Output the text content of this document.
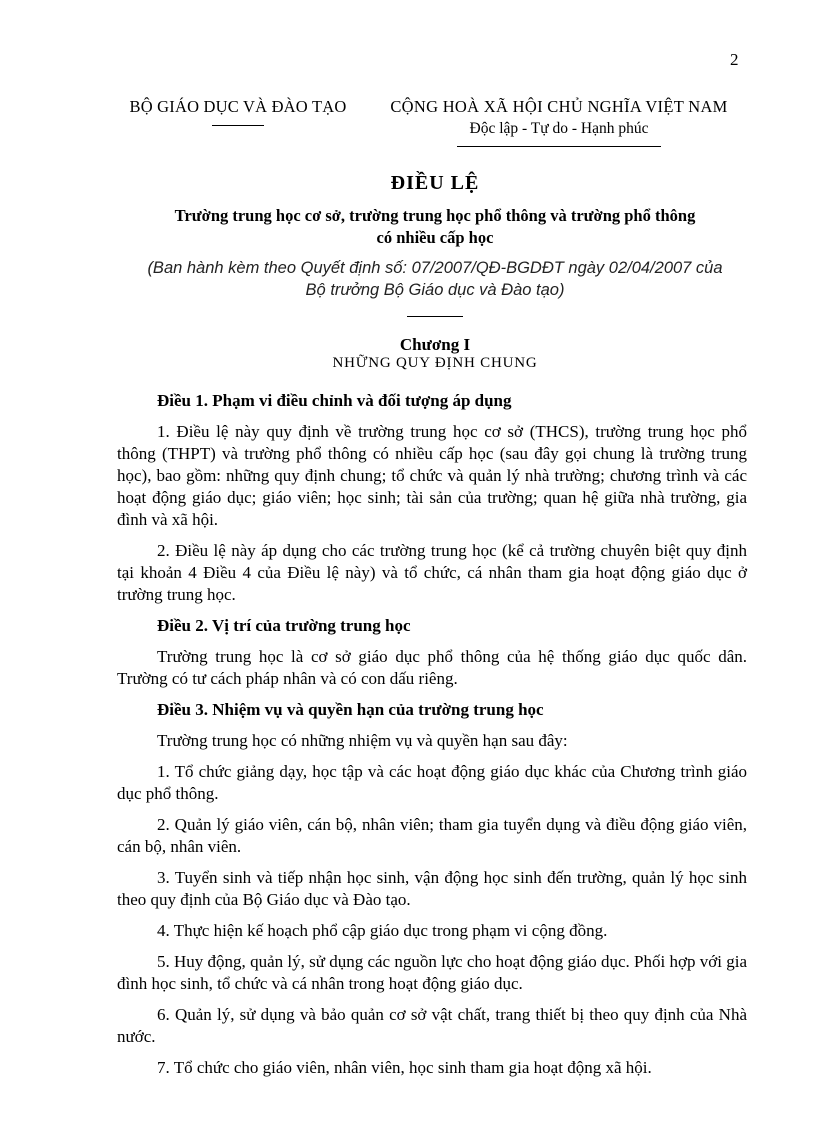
2
BỘ GIÁO DỤC VÀ ĐÀO TẠO	CỘNG HOÀ XÃ HỘI CHỦ NGHĨA VIỆT NAM
Độc lập - Tự do - Hạnh phúc
ĐIỀU LỆ
Trường trung học cơ sở, trường trung học phổ thông và trường phổ thông
có nhiều cấp học
(Ban hành kèm theo Quyết định số: 07/2007/QĐ-BGDĐT ngày 02/04/2007 của
Bộ trưởng Bộ Giáo dục và Đào tạo)
Chương I
NHỮNG QUY ĐỊNH CHUNG

Điều 1. Phạm vi điều chỉnh và đối tượng áp dụng

1. Điều lệ này quy định về trường trung học cơ sở (THCS), trường trung học phổ thông (THPT) và trường phổ thông có nhiều cấp học (sau đây gọi chung là trường trung học), bao gồm: những quy định chung; tổ chức và quản lý nhà trường; chương trình và các hoạt động giáo dục; giáo viên; học sinh; tài sản của trường; quan hệ giữa nhà trường, gia đình và xã hội.

2. Điều lệ này áp dụng cho các trường trung học (kể cả trường chuyên biệt quy định tại khoản 4 Điều 4 của Điều lệ này) và tổ chức, cá nhân tham gia hoạt động giáo dục ở trường trung học.

Điều 2. Vị trí của trường trung học

Trường trung học là cơ sở giáo dục phổ thông của hệ thống giáo dục quốc dân. Trường có tư cách pháp nhân và có con dấu riêng.

Điều 3. Nhiệm vụ và quyền hạn của trường trung học

Trường trung học có những nhiệm vụ và quyền hạn sau đây:

1. Tổ chức giảng dạy, học tập và các hoạt động giáo dục khác của Chương trình giáo dục phổ thông.

2. Quản lý giáo viên, cán bộ, nhân viên; tham gia tuyển dụng và điều động giáo viên, cán bộ, nhân viên.

3. Tuyển sinh và tiếp nhận học sinh, vận động học sinh đến trường, quản lý học sinh theo quy định của Bộ Giáo dục và Đào tạo.

4. Thực hiện kế hoạch phổ cập giáo dục trong phạm vi cộng đồng.

5. Huy động, quản lý, sử dụng các nguồn lực cho hoạt động giáo dục. Phối hợp với gia đình học sinh, tổ chức và cá nhân trong hoạt động giáo dục.

6. Quản lý, sử dụng và bảo quản cơ sở vật chất, trang thiết bị theo quy định của Nhà nước.

7. Tổ chức cho giáo viên, nhân viên, học sinh tham gia hoạt động xã hội.
